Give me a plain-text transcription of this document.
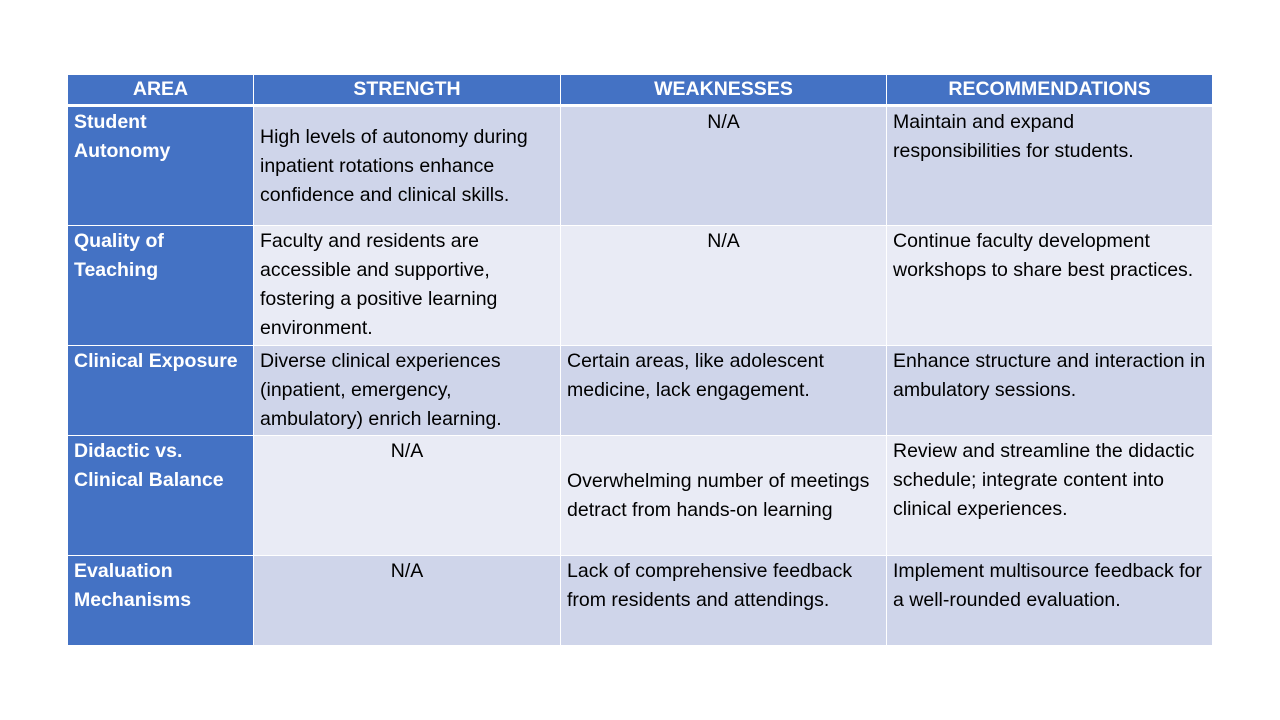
AREA	STRENGTH	WEAKNESSES	RECOMMENDATIONS
Student Autonomy	High levels of autonomy during inpatient rotations enhance confidence and clinical skills.	N/A	Maintain and expand responsibilities for students.
Quality of Teaching	Faculty and residents are accessible and supportive, fostering a positive learning environment.	N/A	Continue faculty development workshops to share best practices.
Clinical Exposure	Diverse clinical experiences (inpatient, emergency, ambulatory) enrich learning.	Certain areas, like adolescent medicine, lack engagement.	Enhance structure and interaction in ambulatory sessions.
Didactic vs. Clinical Balance	N/A	Overwhelming number of meetings detract from hands-on learning	Review and streamline the didactic schedule; integrate content into clinical experiences.
Evaluation Mechanisms	N/A	Lack of comprehensive feedback from residents and attendings.	Implement multisource feedback for a well-rounded evaluation.
